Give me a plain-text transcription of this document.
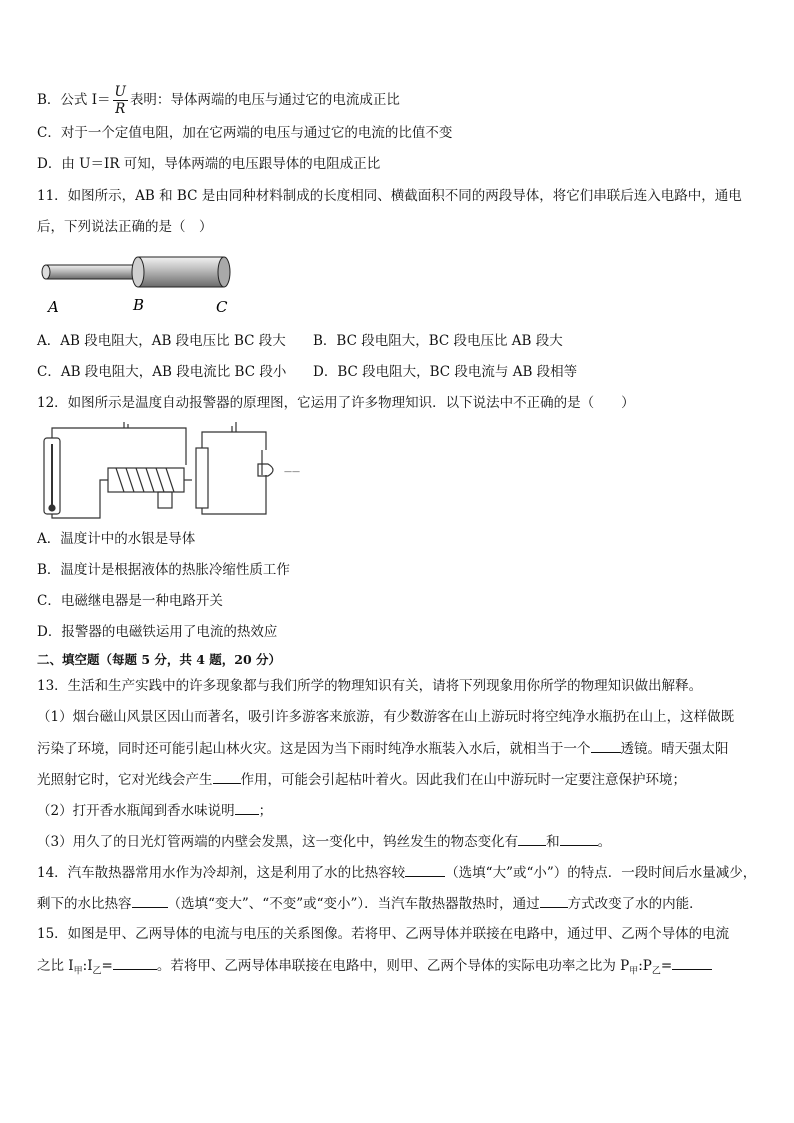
B．公式 $I= \frac{U}{R}$ 表明：导体两端的电压与通过它的电流成正比
C．对于一个定值电阻，加在它两端的电压与通过它的电流的比值不变
D．由 U＝IR 可知，导体两端的电压跟导体的电阻成正比
11．如图所示，AB 和 BC 是由同种材料制成的长度相同、横截面积不同的两段导体，将它们串联后连入电路中，通电
后，下列说法正确的是（　）
A	B	C
A．AB 段电阻大，AB 段电压比 BC 段大 B．BC 段电阻大，BC 段电压比 AB 段大
C．AB 段电阻大，AB 段电流比 BC 段小 D．BC 段电阻大，BC 段电流与 AB 段相等
12．如图所示是温度自动报警器的原理图，它运用了许多物理知识．以下说法中不正确的是（　　）
——
A．温度计中的水银是导体
B．温度计是根据液体的热胀冷缩性质工作
C．电磁继电器是一种电路开关
D．报警器的电磁铁运用了电流的热效应
二、填空题（每题 5 分，共 4 题，20 分）
13．生活和生产实践中的许多现象都与我们所学的物理知识有关，请将下列现象用你所学的物理知识做出解释。
（1）烟台磁山风景区因山而著名，吸引许多游客来旅游，有少数游客在山上游玩时将空纯净水瓶扔在山上，这样做既
污染了环境，同时还可能引起山林火灾。这是因为当下雨时纯净水瓶装入水后，就相当于一个 透镜。晴天强太阳
光照射它时，它对光线会产生 作用，可能会引起枯叶着火。因此我们在山中游玩时一定要注意保护环境；
（2）打开香水瓶闻到香水味说明 ；
（3）用久了的日光灯管两端的内壁会发黑，这一变化中，钨丝发生的物态变化有 和	。
14．汽车散热器常用水作为冷却剂，这是利用了水的比热容较	（选填“大”或“小”）的特点．一段时间后水量减少，
剩下的水比热容	（选填“变大”、“不变”或“变小”）．当汽车散热器散热时，通过 方式改变了水的内能．
15．如图是甲、乙两导体的电流与电压的关系图像。若将甲、乙两导体并联接在电路中，通过甲、乙两个导体的电流
之比 $I_甲:I_乙=$	。若将甲、乙两导体串联接在电路中，则甲、乙两个导体的实际电功率之比为 $P_甲:P_乙=$
